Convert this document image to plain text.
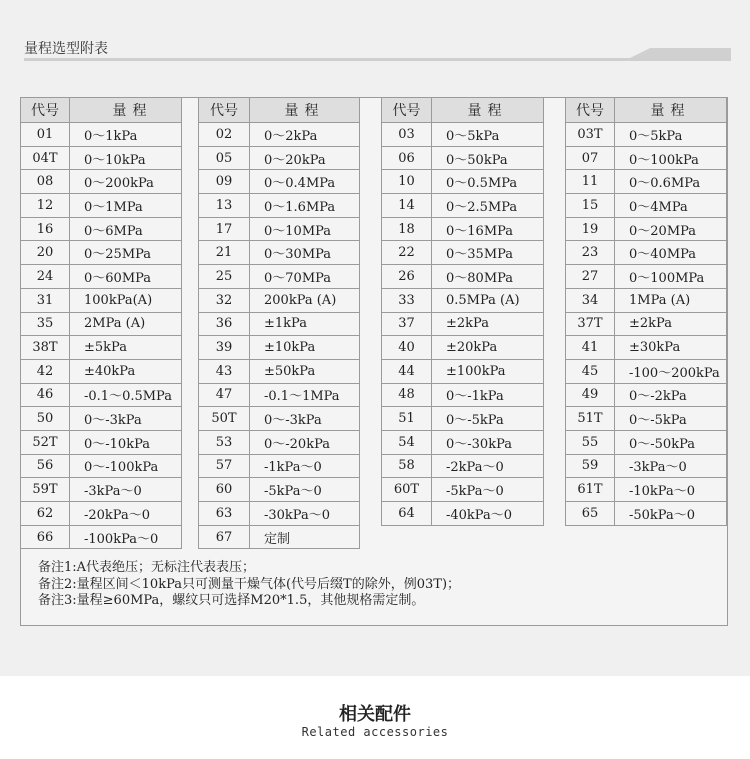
量程选型附表
代号	量程
01	0～1kPa
04T	0～10kPa
08	0～200kPa
12	0～1MPa
16	0～6MPa
20	0～25MPa
24	0～60MPa
31	100kPa(A)
35	2MPa (A)
38T	±5kPa
42	±40kPa
46	-0.1～0.5MPa
50	0～-3kPa
52T	0～-10kPa
56	0～-100kPa
59T	-3kPa～0
62	-20kPa～0
66	-100kPa～0
代号	量程
02	0～2kPa
05	0～20kPa
09	0～0.4MPa
13	0～1.6MPa
17	0～10MPa
21	0～30MPa
25	0～70MPa
32	200kPa (A)
36	±1kPa
39	±10kPa
43	±50kPa
47	-0.1～1MPa
50T	0～-3kPa
53	0～-20kPa
57	-1kPa～0
60	-5kPa～0
63	-30kPa～0
67	定制
代号	量程
03	0～5kPa
06	0～50kPa
10	0～0.5MPa
14	0～2.5MPa
18	0～16MPa
22	0～35MPa
26	0～80MPa
33	0.5MPa (A)
37	±2kPa
40	±20kPa
44	±100kPa
48	0～-1kPa
51	0～-5kPa
54	0～-30kPa
58	-2kPa～0
60T	-5kPa～0
64	-40kPa～0
代号	量程
03T	0～5kPa
07	0～100kPa
11	0～0.6MPa
15	0～4MPa
19	0～20MPa
23	0～40MPa
27	0～100MPa
34	1MPa (A)
37T	±2kPa
41	±30kPa
45	-100～200kPa
49	0～-2kPa
51T	0～-5kPa
55	0～-50kPa
59	-3kPa～0
61T	-10kPa～0
65	-50kPa～0
备注1:A代表绝压；无标注代表表压；
备注2:量程区间＜10kPa只可测量干燥气体(代号后缀T的除外，例03T)；
备注3:量程≥60MPa，螺纹只可选择M20*1.5，其他规格需定制。
相关配件
Related accessories
